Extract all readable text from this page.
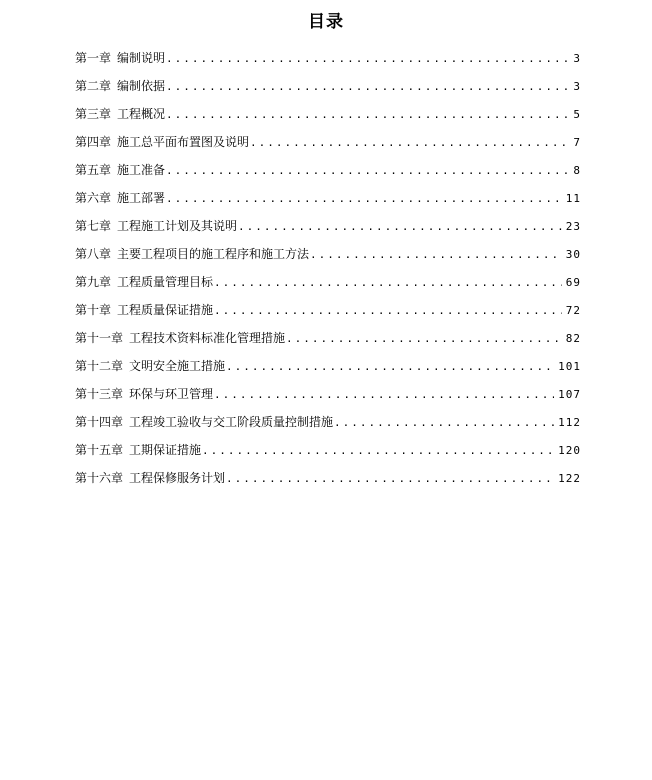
目录
第一章 编制说明 .....	3
第二章 编制依据 .....	3
第三章 工程概况 .....	5
第四章 施工总平面布置图及说明 .....	7
第五章 施工准备 .....	8
第六章 施工部署 .....	11
第七章 工程施工计划及其说明 .....	23
第八章 主要工程项目的施工程序和施工方法 .....	30
第九章 工程质量管理目标 .....	69
第十章 工程质量保证措施 .....	72
第十一章 工程技术资料标准化管理措施 .....	82
第十二章 文明安全施工措施 .....	101
第十三章 环保与环卫管理 .....	107
第十四章 工程竣工验收与交工阶段质量控制措施 .....	112
第十五章 工期保证措施 .....	120
第十六章 工程保修服务计划 .....	122
